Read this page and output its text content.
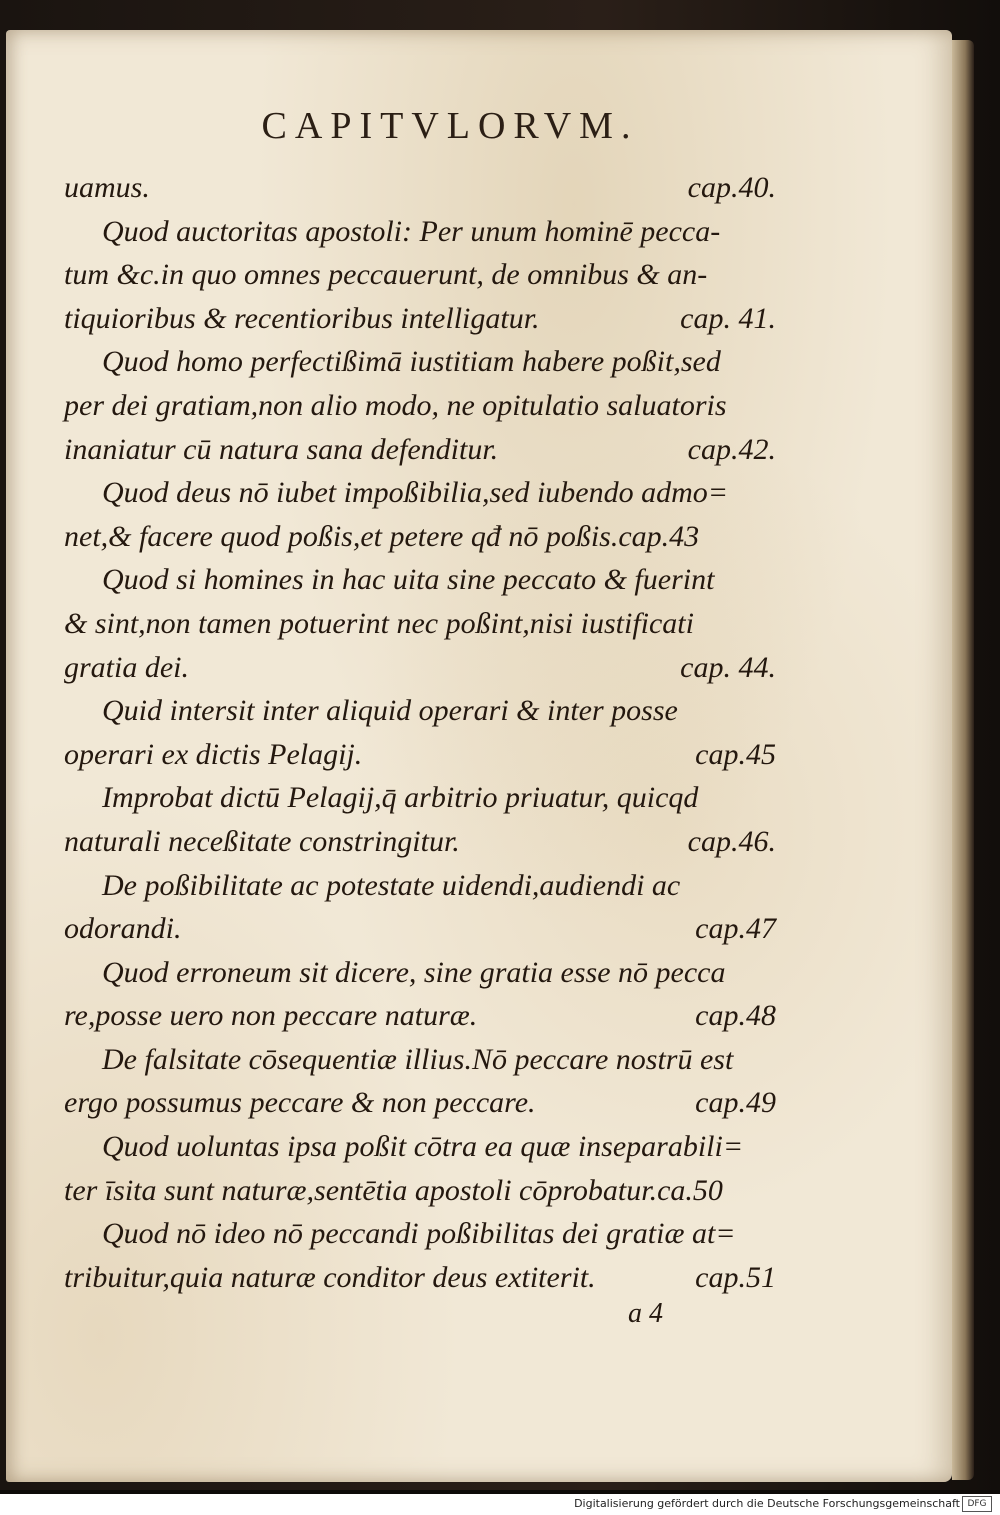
CAPITVLORVM.
uamus.	cap.40.
Quod auctoritas apostoli: Per unum hominē pecca-
tum &c.in quo omnes peccauerunt, de omnibus & an-
tiquioribus & recentioribus intelligatur.	cap. 41.
Quod homo perfectißimā iustitiam habere poßit,sed
per dei gratiam,non alio modo, ne opitulatio saluatoris
inaniatur cū natura sana defenditur.	cap.42.
Quod deus nō iubet impoßibilia,sed iubendo admo=
net,& facere quod poßis,et petere qđ nō poßis.cap.43
Quod si homines in hac uita sine peccato & fuerint
& sint,non tamen potuerint nec poßint,nisi iustificati
gratia dei.	cap. 44.
Quid intersit inter aliquid operari & inter posse
operari ex dictis Pelagij.	cap.45
Improbat dictū Pelagij,q̄ arbitrio priuatur, quicqd
naturali neceßitate constringitur.	cap.46.
De poßibilitate ac potestate uidendi,audiendi ac
odorandi.	cap.47
Quod erroneum sit dicere, sine gratia esse nō pecca
re,posse uero non peccare naturæ.	cap.48
De falsitate cōsequentiæ illius.Nō peccare nostrū est
ergo possumus peccare & non peccare.	cap.49
Quod uoluntas ipsa poßit cōtra ea quæ inseparabili=
ter īsita sunt naturæ,sentētia apostoli cōprobatur.ca.50
Quod nō ideo nō peccandi poßibilitas dei gratiæ at=
tribuitur,quia naturæ conditor deus extiterit.	cap.51
a 4
Digitalisierung gefördert durch die Deutsche Forschungsgemeinschaft DFG
